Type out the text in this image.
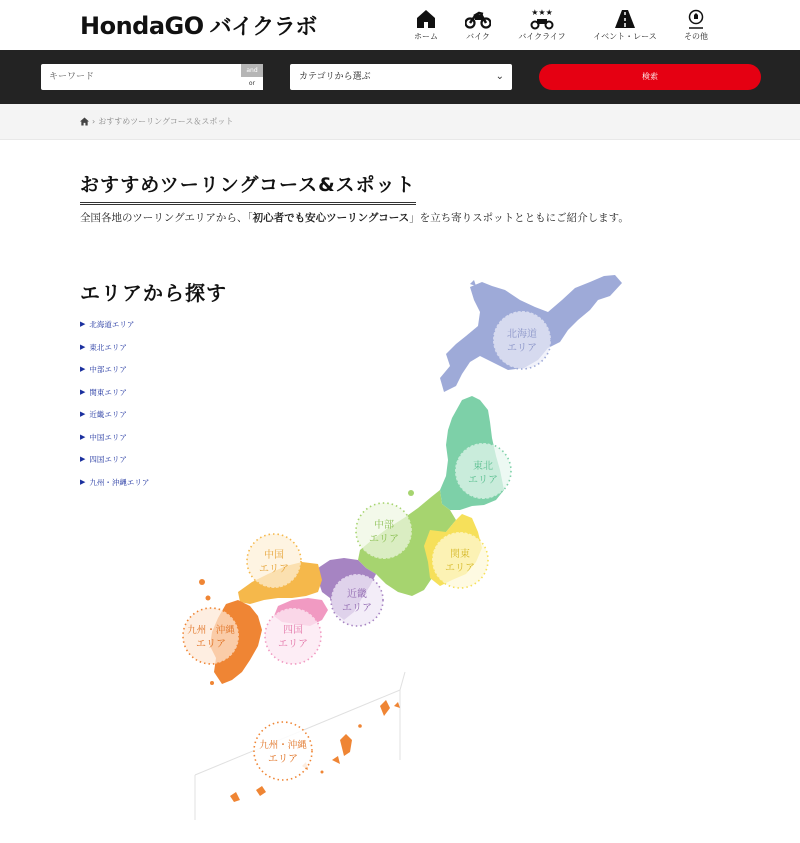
HondaGO バイクラボ	ホーム	バイク
★★★
バイクライフ	イベント・レース	その他
キーワード
and
or
カテゴリから選ぶ	⌄	検索
› おすすめツーリングコース＆スポット
おすすめツーリングコース&スポット

全国各地のツーリングエリアから、「初心者でも安心ツーリングコース」を立ち寄りスポットとともにご紹介します。

北海道
エリア
東北
エリア
中部
エリア
関東
エリア
近畿
エリア
中国
エリア
四国
エリア
九州・沖縄
エリア
九州・沖縄
エリア
エリアから探す
▶ 北海道エリア
▶ 東北エリア
▶ 中部エリア
▶ 関東エリア
▶ 近畿エリア
▶ 中国エリア
▶ 四国エリア
▶ 九州・沖縄エリア
